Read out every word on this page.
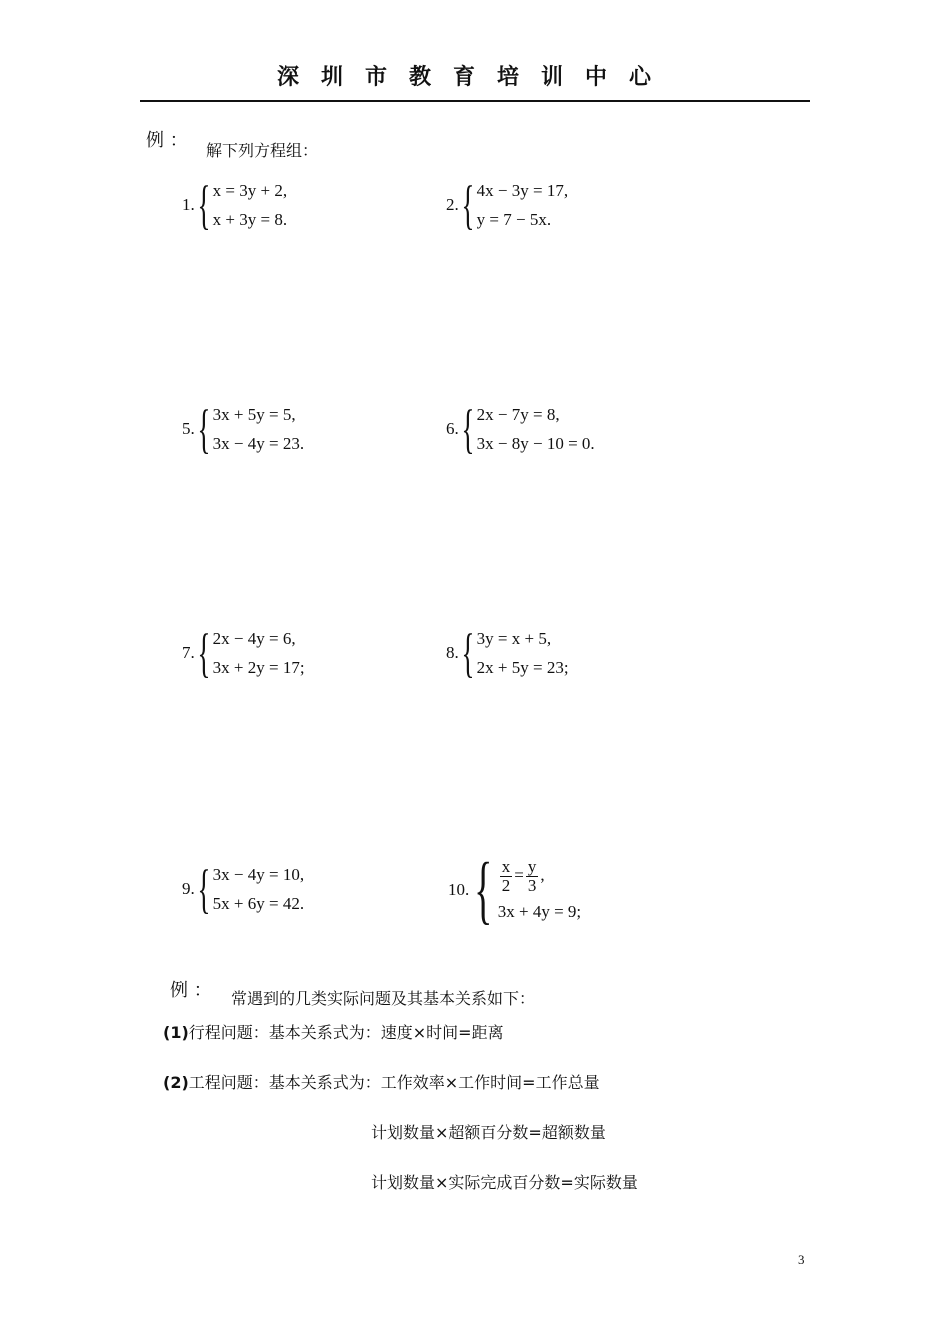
深圳市教育培训中心
例 ： 解下列方程组：
1. { x = 3y + 2,
x + 3y = 8.
2. { 4x − 3y = 17,
y = 7 − 5x.
5. { 3x + 5y = 5,
3x − 4y = 23.
6. { 2x − 7y = 8,
3x − 8y − 10 = 0.
7. { 2x − 4y = 6,
3x + 2y = 17;
8. { 3y = x + 5,
2x + 5y = 23;
9. { 3x − 4y = 10,
5x + 6y = 42.
10. { $\frac{x}{2} = \frac{y}{3}$ ,
3x + 4y = 9;
例 ： 常遇到的几类实际问题及其基本关系如下：
(1)行程问题：基本关系式为：速度×时间=距离
(2)工程问题：基本关系式为：工作效率×工作时间=工作总量
计划数量×超额百分数=超额数量
计划数量×实际完成百分数=实际数量
3
